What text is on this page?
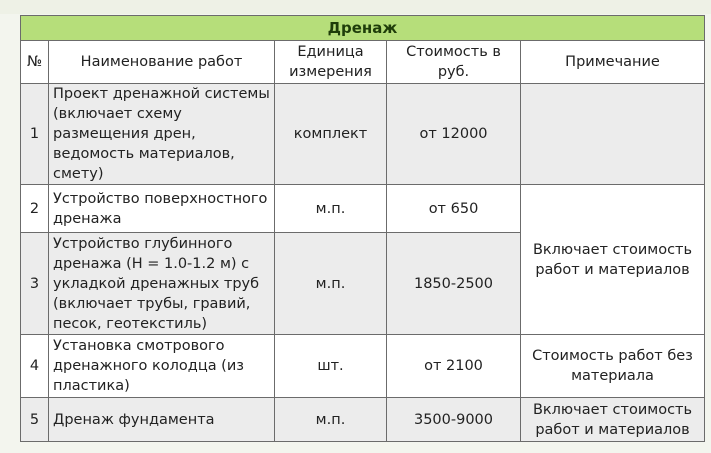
Дренаж				
№	Наименование работ	Единица измерения	Стоимость в руб.	Примечание
1	Проект дренажной системы (включает схему размещения дрен, ведомость материалов, смету)	комплект	от 12000	
2	Устройство поверхностного дренажа	м.п.	от 650	Включает стоимость работ и материалов
3	Устройство глубинного дренажа (Н = 1.0-1.2 м) с укладкой дренажных труб (включает трубы, гравий, песок, геотекстиль)	м.п.	1850-2500	
4	Установка смотрового дренажного колодца (из пластика)	шт.	от 2100	Стоимость работ без материала
5	Дренаж фундамента	м.п.	3500-9000	Включает стоимость работ и материалов
